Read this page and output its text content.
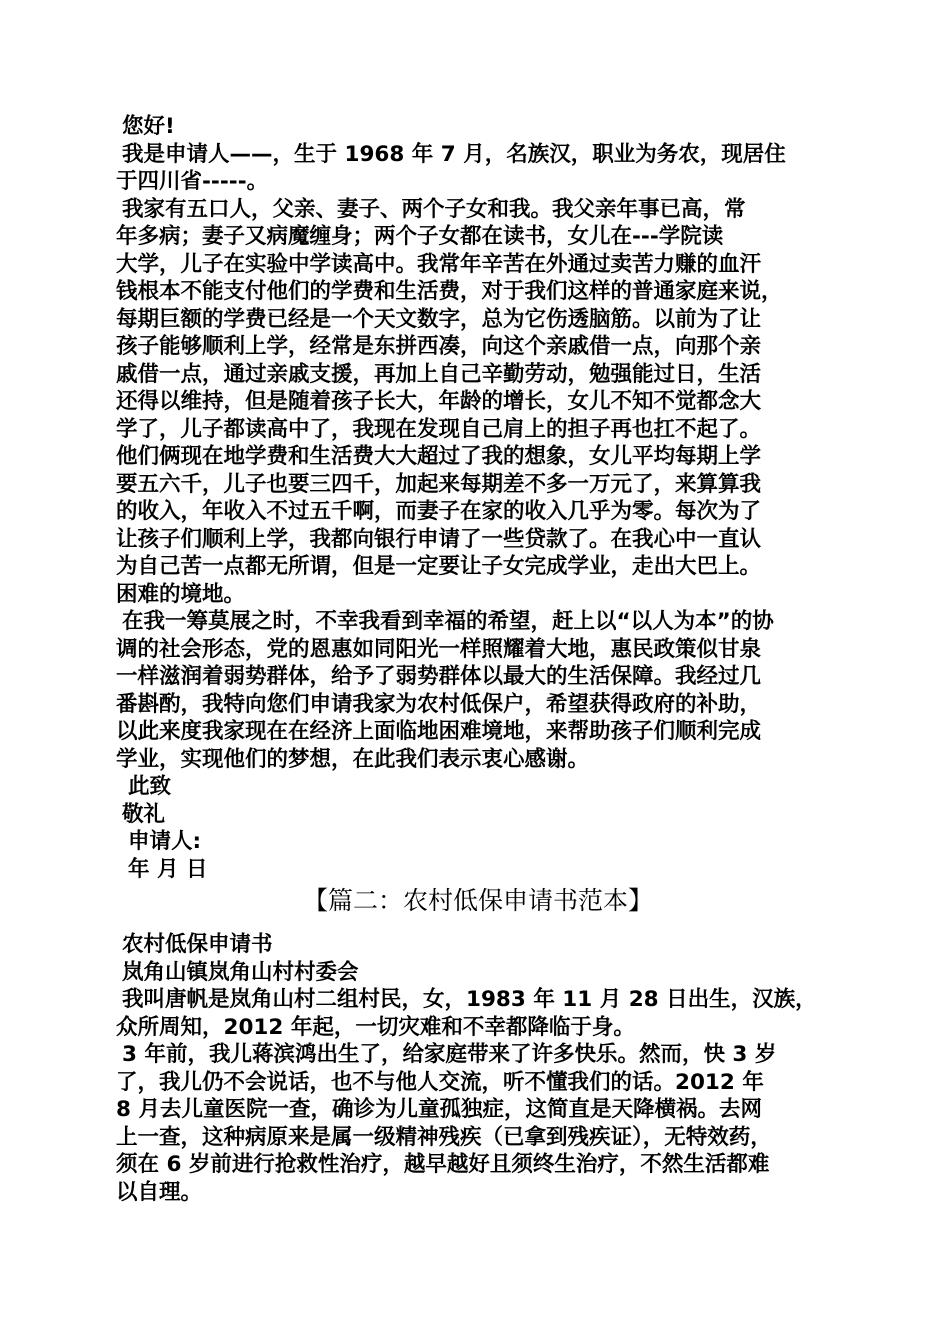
您好!

我是申请人——，生于 1968 年 7 月，名族汉，职业为务农，现居住

于四川省-----。

我家有五口人，父亲、妻子、两个子女和我。我父亲年事已高，常

年多病；妻子又病魔缠身；两个子女都在读书，女儿在---学院读

大学，儿子在实验中学读高中。我常年辛苦在外通过卖苦力赚的血汗

钱根本不能支付他们的学费和生活费，对于我们这样的普通家庭来说，

每期巨额的学费已经是一个天文数字，总为它伤透脑筋。以前为了让

孩子能够顺利上学，经常是东拼西凑，向这个亲戚借一点，向那个亲

戚借一点，通过亲戚支援，再加上自己辛勤劳动，勉强能过日，生活

还得以维持，但是随着孩子长大，年龄的增长，女儿不知不觉都念大

学了，儿子都读高中了，我现在发现自己肩上的担子再也扛不起了。

他们俩现在地学费和生活费大大超过了我的想象，女儿平均每期上学

要五六千，儿子也要三四千，加起来每期差不多一万元了，来算算我

的收入，年收入不过五千啊，而妻子在家的收入几乎为零。每次为了

让孩子们顺利上学，我都向银行申请了一些贷款了。在我心中一直认

为自己苦一点都无所谓，但是一定要让子女完成学业，走出大巴上。

困难的境地。

在我一筹莫展之时，不幸我看到幸福的希望，赶上以“以人为本”的协

调的社会形态，党的恩惠如同阳光一样照耀着大地，惠民政策似甘泉

一样滋润着弱势群体，给予了弱势群体以最大的生活保障。我经过几

番斟酌，我特向您们申请我家为农村低保户，希望获得政府的补助，

以此来度我家现在在经济上面临地困难境地，来帮助孩子们顺利完成

学业，实现他们的梦想，在此我们表示衷心感谢。

此致

敬礼

申请人:

年 月 日

【篇二：农村低保申请书范本】

农村低保申请书

岚角山镇岚角山村村委会

我叫唐帆是岚角山村二组村民，女，1983 年 11 月 28 日出生，汉族，

众所周知，2012 年起，一切灾难和不幸都降临于身。

3 年前，我儿蒋滨鸿出生了，给家庭带来了许多快乐。然而，快 3 岁

了，我儿仍不会说话，也不与他人交流，听不懂我们的话。2012 年

8 月去儿童医院一查，确诊为儿童孤独症，这简直是天降横祸。去网

上一查，这种病原来是属一级精神残疾（已拿到残疾证），无特效药，

须在 6 岁前进行抢救性治疗，越早越好且须终生治疗，不然生活都难

以自理。
